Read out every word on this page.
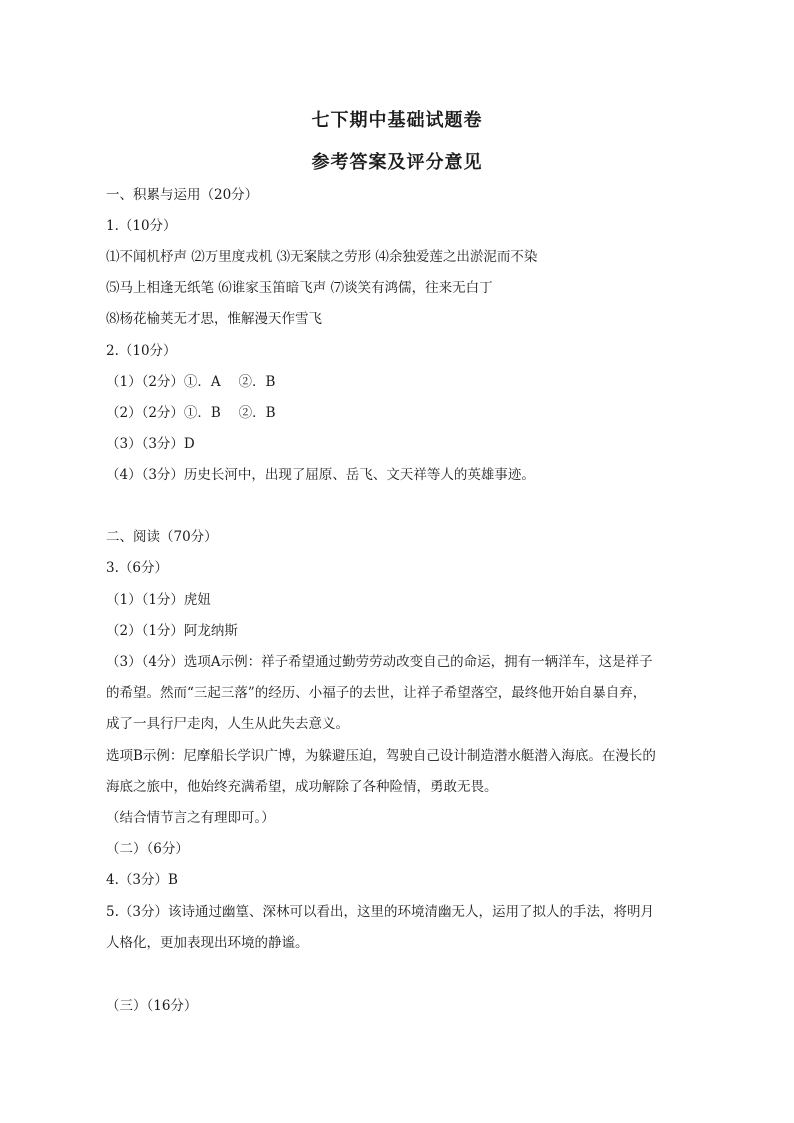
七下期中基础试题卷
参考答案及评分意见
一、积累与运用（20分）
1.（10分）
⑴不闻机杼声 ⑵万里度戎机 ⑶无案牍之劳形 ⑷余独爱莲之出淤泥而不染
⑸马上相逢无纸笔 ⑹谁家玉笛暗飞声 ⑺谈笑有鸿儒，往来无白丁
⑻杨花榆荚无才思，惟解漫天作雪飞
2.（10分）
（1）（2分）①．A　 ②．B
（2）（2分）①．B　 ②．B
（3）（3分）D
（4）（3分）历史长河中，出现了屈原、岳飞、文天祥等人的英雄事迹。
二、阅读（70分）
3.（6分）
（1）（1分）虎妞
（2）（1分）阿龙纳斯
（3）（4分）选项A示例：祥子希望通过勤劳劳动改变自己的命运，拥有一辆洋车，这是祥子
的希望。然而“三起三落”的经历、小福子的去世，让祥子希望落空，最终他开始自暴自弃，
成了一具行尸走肉，人生从此失去意义。
选项B示例：尼摩船长学识广博，为躲避压迫，驾驶自己设计制造潜水艇潜入海底。在漫长的
海底之旅中，他始终充满希望，成功解除了各种险情，勇敢无畏。
（结合情节言之有理即可。）
（二）（6分）
4.（3分）B
5.（3分）该诗通过幽篁、深林可以看出，这里的环境清幽无人，运用了拟人的手法，将明月
人格化，更加表现出环境的静谧。
（三）（16分）
